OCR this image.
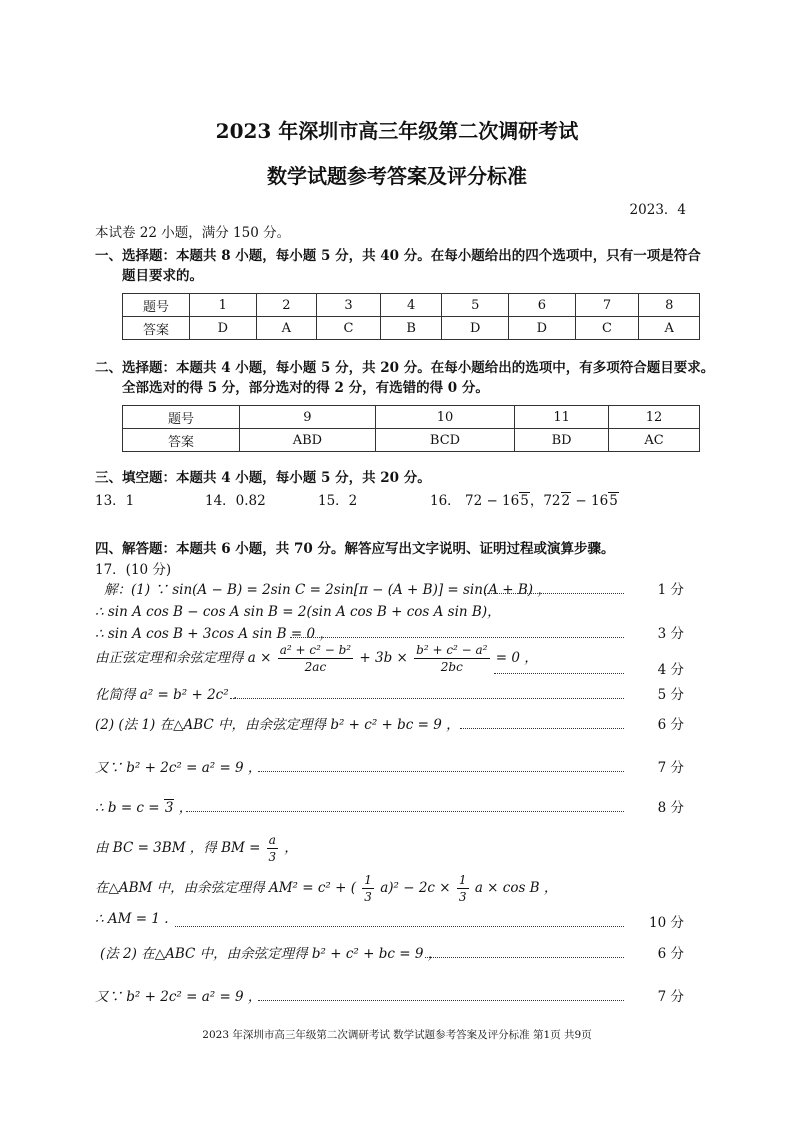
2023 年深圳市高三年级第二次调研考试
数学试题参考答案及评分标准
2023．4
本试卷 22 小题，满分 150 分。
一、选择题：本题共 8 小题，每小题 5 分，共 40 分。在每小题给出的四个选项中，只有一项是符合
题目要求的。
题号	1	2	3	4	5	6	7	8
答案	D	A	C	B	D	D	C	A
二、选择题：本题共 4 小题，每小题 5 分，共 20 分。在每小题给出的选项中，有多项符合题目要求。
全部选对的得 5 分，部分选对的得 2 分，有选错的得 0 分。
题号	9	10	11	12
答案	ABD	BCD	BD	AC
三、填空题：本题共 4 小题，每小题 5 分，共 20 分。
13．1	14．0.82	15．2	16． 72 − 165，722 − 165
四、解答题：本题共 6 小题，共 70 分。解答应写出文字说明、证明过程或演算步骤。
17．(10 分)
解：(1) ∵ sin(A − B) = 2sin C = 2sin[π − (A + B)] = sin(A + B) ，	1 分
∴ sin A cos B − cos A sin B = 2(sin A cos B + cos A sin B)，
∴ sin A cos B + 3cos A sin B = 0 ，	3 分
由正弦定理和余弦定理得 $a \times \frac{\text{a² + c² − b²}}{2ac} + 3b \times \frac{\text{b² + c² − a²}}{2bc} = 0$ ，
4 分
化简得 a² = b² + 2c² .	5 分
(2) (法 1) 在△ABC 中，由余弦定理得 b² + c² + bc = 9 ，	6 分
又∵ b² + 2c² = a² = 9 ，	7 分
∴ b = c = 3 ，	8 分
由 BC = 3BM ，得 BM = $\frac{a}{3}$ ，
在△ABM 中，由余弦定理得 AM² = c² + ( $\frac{1}{3} a)^2 - 2c \times \frac{1}{3}$ a × cos B ，
∴ AM = 1 .	10 分
(法 2) 在△ABC 中，由余弦定理得 b² + c² + bc = 9 ，	6 分
又∵ b² + 2c² = a² = 9 ，	7 分
2023 年深圳市高三年级第二次调研考试 数学试题参考答案及评分标准 第1页 共9页
